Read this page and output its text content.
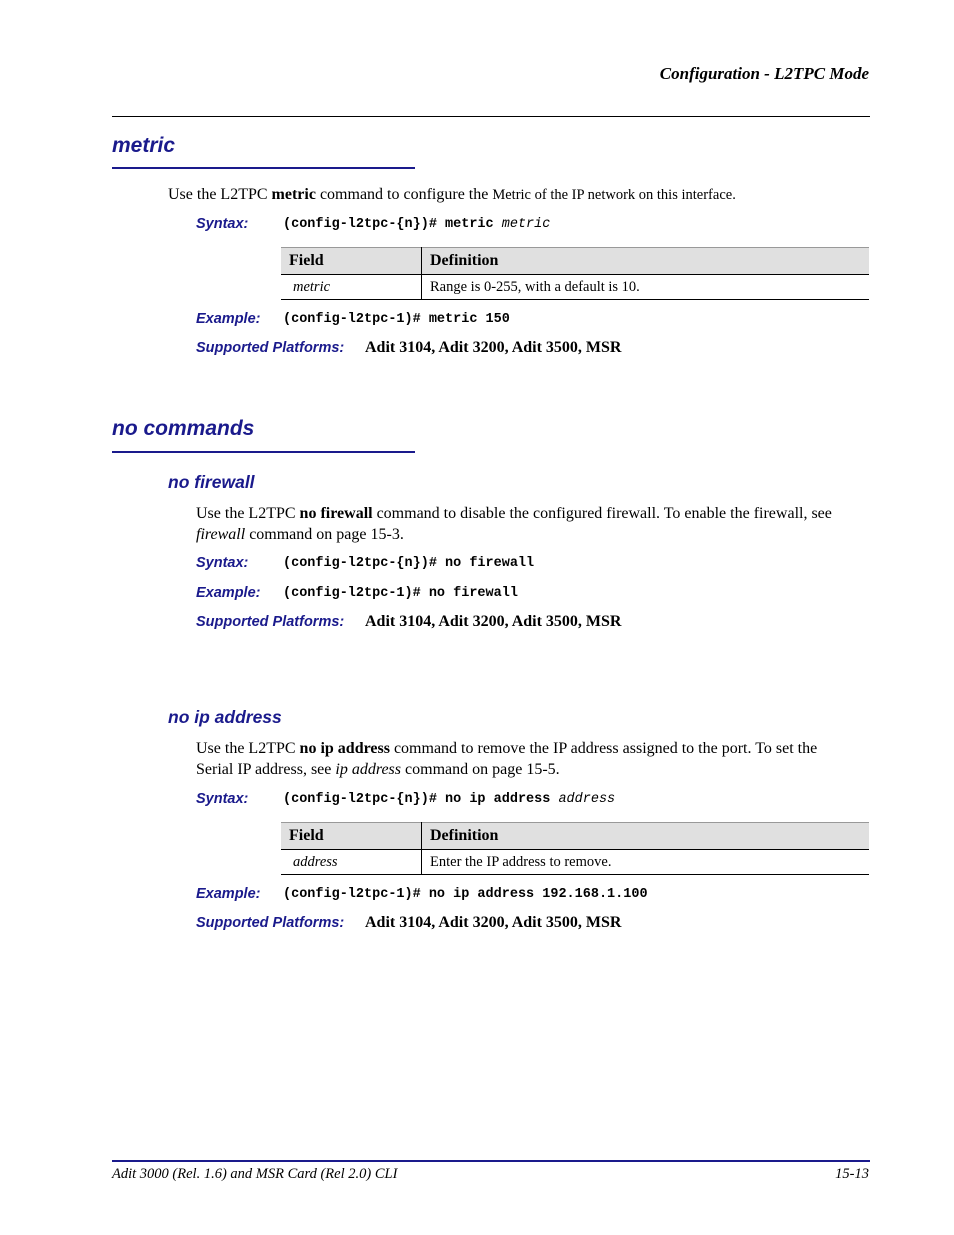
Configuration - L2TPC Mode
metric
Use the L2TPC metric command to configure the Metric of the IP network on this interface.
Syntax:	(config-l2tpc-{n})# metric metric
Field	Definition
metric	Range is 0-255, with a default is 10.
Example: (config-l2tpc-1)# metric 150
Supported Platforms: Adit 3104, Adit 3200, Adit 3500, MSR
no commands
no firewall
Use the L2TPC no firewall command to disable the configured firewall. To enable the firewall, see
firewall command on page 15-3.
Syntax:	(config-l2tpc-{n})# no firewall
Example: (config-l2tpc-1)# no firewall
Supported Platforms: Adit 3104, Adit 3200, Adit 3500, MSR
no ip address
Use the L2TPC no ip address command to remove the IP address assigned to the port. To set the
Serial IP address, see ip address command on page 15-5.
Syntax:	(config-l2tpc-{n})# no ip address address
Field	Definition
address	Enter the IP address to remove.
Example: (config-l2tpc-1)# no ip address 192.168.1.100
Supported Platforms: Adit 3104, Adit 3200, Adit 3500, MSR
Adit 3000 (Rel. 1.6) and MSR Card (Rel 2.0) CLI	15-13
